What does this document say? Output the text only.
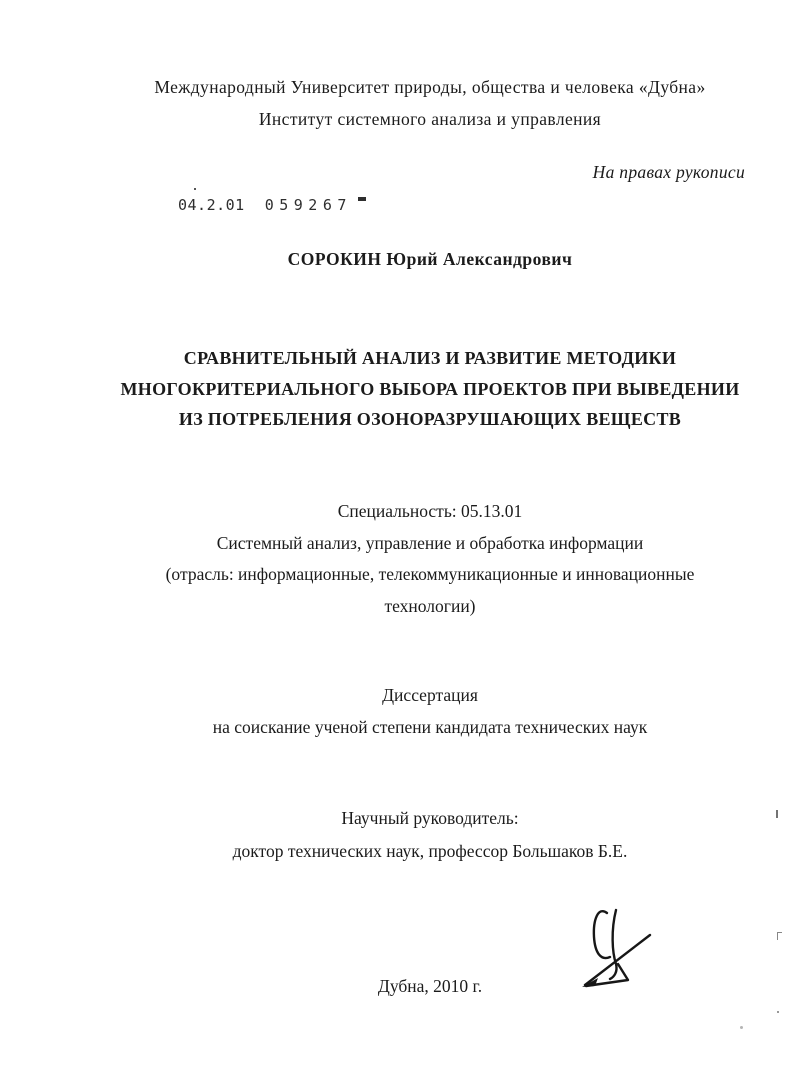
Международный Университет природы, общества и человека «Дубна»
Институт системного анализа и управления
На правах рукописи
04.2.01 059267
СОРОКИН Юрий Александрович
СРАВНИТЕЛЬНЫЙ АНАЛИЗ И РАЗВИТИЕ МЕТОДИКИ
МНОГОКРИТЕРИАЛЬНОГО ВЫБОРА ПРОЕКТОВ ПРИ ВЫВЕДЕНИИ
ИЗ ПОТРЕБЛЕНИЯ ОЗОНОРАЗРУШАЮЩИХ ВЕЩЕСТВ
Специальность: 05.13.01
Системный анализ, управление и обработка информации
(отрасль: информационные, телекоммуникационные и инновационные
технологии)
Диссертация
на соискание ученой степени кандидата технических наук
Научный руководитель:
доктор технических наук, профессор Большаков Б.Е.
Дубна, 2010 г.
